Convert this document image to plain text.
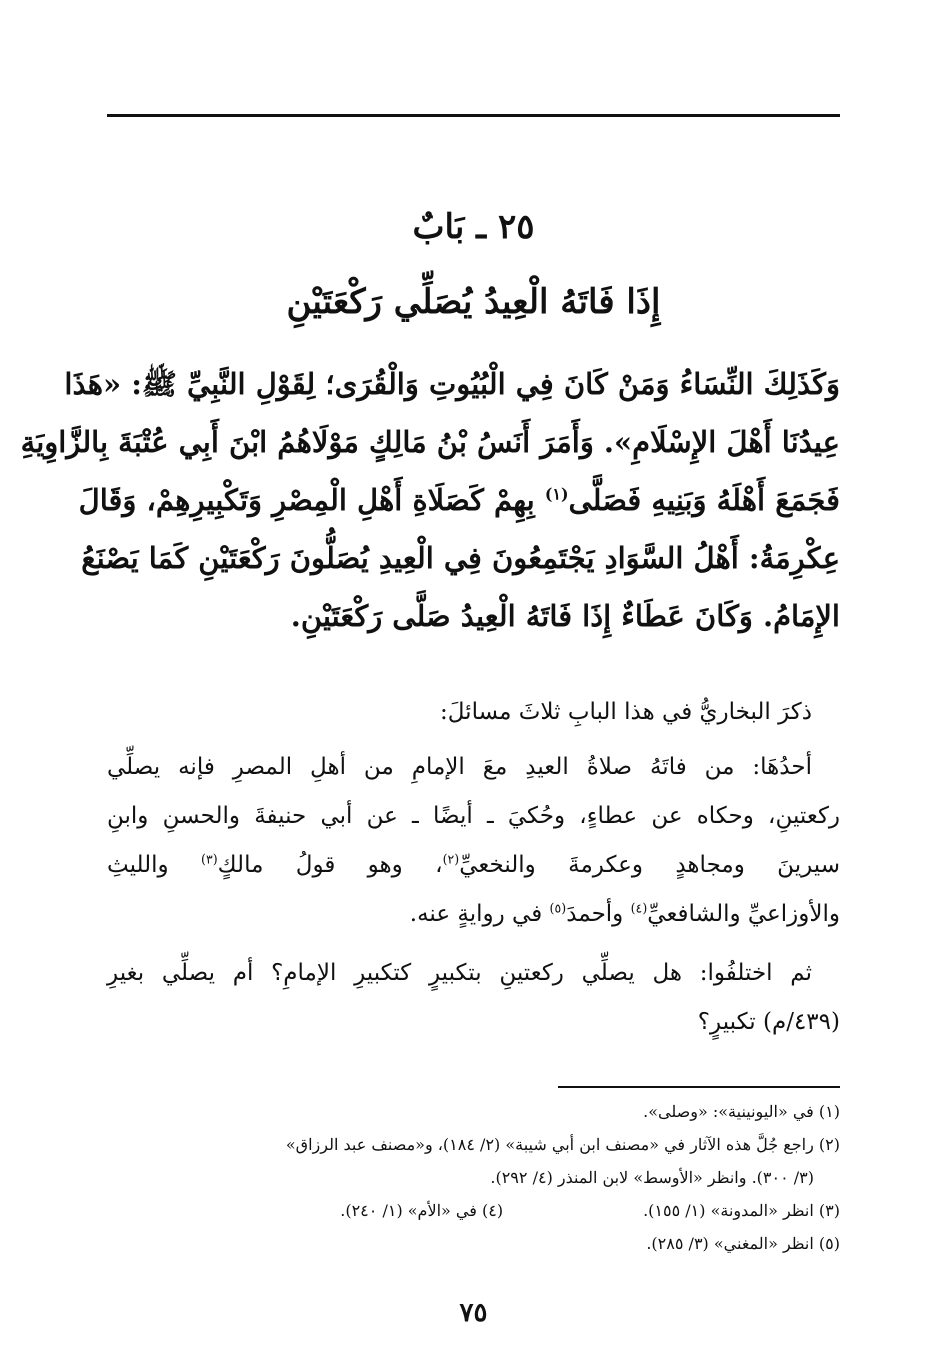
٢٥ ـ بَابٌ
إِذَا فَاتَهُ الْعِيدُ يُصَلِّي رَكْعَتَيْنِ
وَكَذَلِكَ النِّسَاءُ وَمَنْ كَانَ فِي الْبُيُوتِ وَالْقُرَى؛ لِقَوْلِ النَّبِيِّ ﷺ: «هَذَا
عِيدُنَا أَهْلَ الإِسْلَامِ». وَأَمَرَ أَنَسُ بْنُ مَالِكٍ مَوْلَاهُمُ ابْنَ أَبِي عُتْبَةَ بِالزَّاوِيَةِ
فَجَمَعَ أَهْلَهُ وَبَنِيهِ فَصَلَّى$^{(١)}$ بِهِمْ كَصَلَاةِ أَهْلِ الْمِصْرِ وَتَكْبِيرِهِمْ، وَقَالَ
عِكْرِمَةُ: أَهْلُ السَّوَادِ يَجْتَمِعُونَ فِي الْعِيدِ يُصَلُّونَ رَكْعَتَيْنِ كَمَا يَصْنَعُ
الإِمَامُ. وَكَانَ عَطَاءٌ إِذَا فَاتَهُ الْعِيدُ صَلَّى رَكْعَتَيْنِ.
ذكرَ البخاريُّ في هذا البابِ ثلاثَ مسائلَ:
أحدُهَا: من فاتَهُ صلاةُ العيدِ معَ الإمامِ من أهلِ المصرِ فإنه يصلِّي
ركعتينِ، وحكاه عن عطاءٍ، وحُكيَ ـ أيضًا ـ عن أبي حنيفةَ والحسنِ وابنِ
سيرينَ ومجاهدٍ وعكرمةَ والنخعيِّ$^{(٢)}$، وهو قولُ مالكٍ$^{(٣)}$ والليثِ
والأوزاعيِّ والشافعيِّ$^{(٤)}$ وأحمدَ$^{(٥)}$ في روايةٍ عنه.
ثم اختلفُوا: هل يصلِّي ركعتينِ بتكبيرٍ كتكبيرِ الإمامِ؟ أم يصلِّي بغيرِ
(٤٣٩/م) تكبيرٍ؟
(١) في «اليونينية»: «وصلى».
(٢) راجع جُلَّ هذه الآثار في «مصنف ابن أبي شيبة» (٢/ ١٨٤)، و«مصنف عبد الرزاق»
(٣/ ٣٠٠). وانظر «الأوسط» لابن المنذر (٤/ ٢٩٢).
(٣) انظر «المدونة» (١/ ١٥٥).
(٤) في «الأم» (١/ ٢٤٠).
(٥) انظر «المغني» (٣/ ٢٨٥).
٧٥
